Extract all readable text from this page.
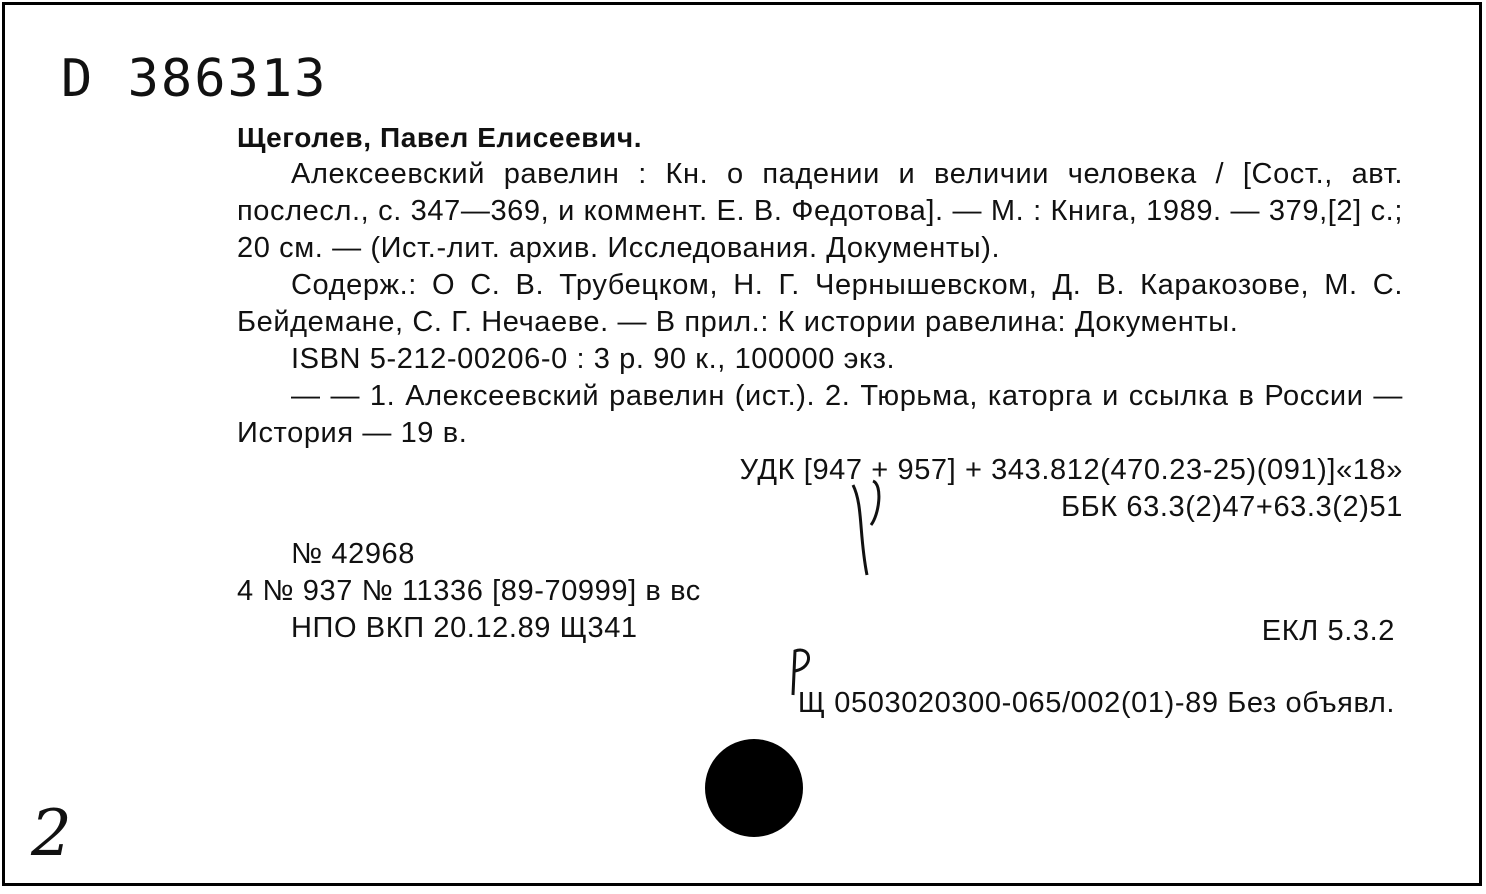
D 386313

Щеголев, Павел Елисеевич.

Алексеевский равелин : Кн. о падении и величии человека / [Сост., авт. послесл., с. 347—369, и коммент. Е. В. Федотова]. — М. : Книга, 1989. — 379,[2] с.; 20 см. — (Ист.-лит. архив. Исследования. Документы).

Содерж.: О С. В. Трубецком, Н. Г. Чернышевском, Д. В. Каракозове, М. С. Бейдемане, С. Г. Нечаеве. — В прил.: К истории равелина: Документы.

ISBN 5-212-00206-0 : 3 р. 90 к., 100000 экз.

— — 1. Алексеевский равелин (ист.). 2. Тюрьма, каторга и ссылка в России — История — 19 в.

УДК [947 + 957] + 343.812(470.23-25)(091)]«18»

ББК 63.3(2)47+63.3(2)51

№ 42968

4 № 937 № 11336 [89-70999] в вс

НПО ВКП 20.12.89 Щ341	ЕКЛ 5.3.2
Щ 0503020300-065/002(01)-89 Без объявл.
2
